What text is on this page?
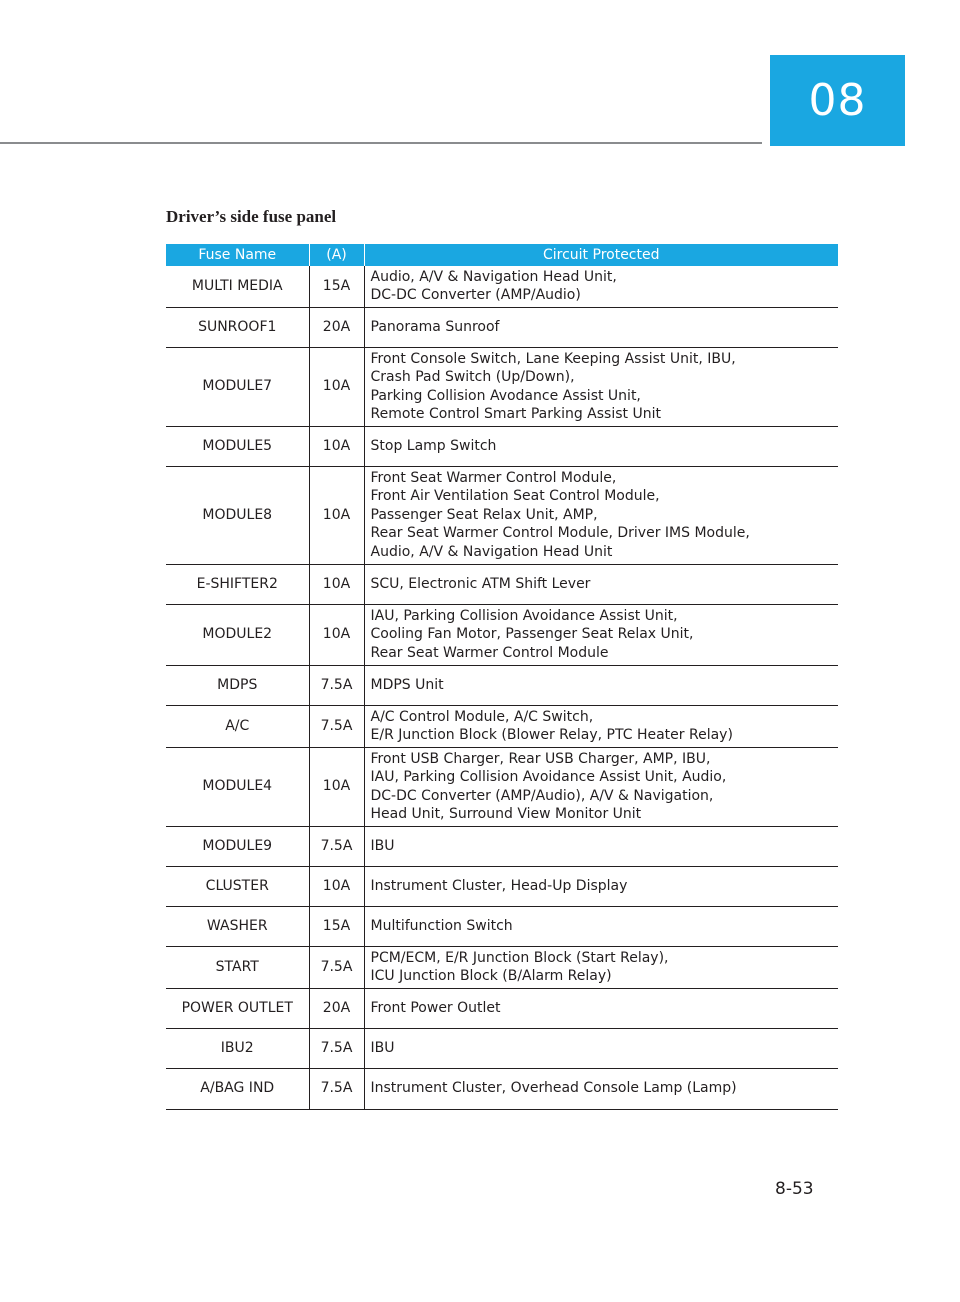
08
Driver’s side fuse panel
Fuse Name	(A)	Circuit Protected
MULTI MEDIA	15A	Audio, A/V & Navigation Head Unit,
DC-DC Converter (AMP/Audio)

SUNROOF1	20A	Panorama Sunroof

MODULE7	10A	Front Console Switch, Lane Keeping Assist Unit, IBU,
Crash Pad Switch (Up/Down),
Parking Collision Avodance Assist Unit,
Remote Control Smart Parking Assist Unit

MODULE5	10A	Stop Lamp Switch

MODULE8	10A	Front Seat Warmer Control Module,
Front Air Ventilation Seat Control Module,
Passenger Seat Relax Unit, AMP,
Rear Seat Warmer Control Module, Driver IMS Module,
Audio, A/V & Navigation Head Unit

E-SHIFTER2	10A	SCU, Electronic ATM Shift Lever

MODULE2	10A	IAU, Parking Collision Avoidance Assist Unit,
Cooling Fan Motor, Passenger Seat Relax Unit,
Rear Seat Warmer Control Module

MDPS	7.5A	MDPS Unit

A/C	7.5A	A/C Control Module, A/C Switch,
E/R Junction Block (Blower Relay, PTC Heater Relay)

MODULE4	10A	Front USB Charger, Rear USB Charger, AMP, IBU,
IAU, Parking Collision Avoidance Assist Unit, Audio,
DC-DC Converter (AMP/Audio), A/V & Navigation,
Head Unit, Surround View Monitor Unit

MODULE9	7.5A	IBU

CLUSTER	10A	Instrument Cluster, Head-Up Display

WASHER	15A	Multifunction Switch

START	7.5A	PCM/ECM, E/R Junction Block (Start Relay),
ICU Junction Block (B/Alarm Relay)

POWER OUTLET	20A	Front Power Outlet

IBU2	7.5A	IBU

A/BAG IND	7.5A	Instrument Cluster, Overhead Console Lamp (Lamp)
8-53
